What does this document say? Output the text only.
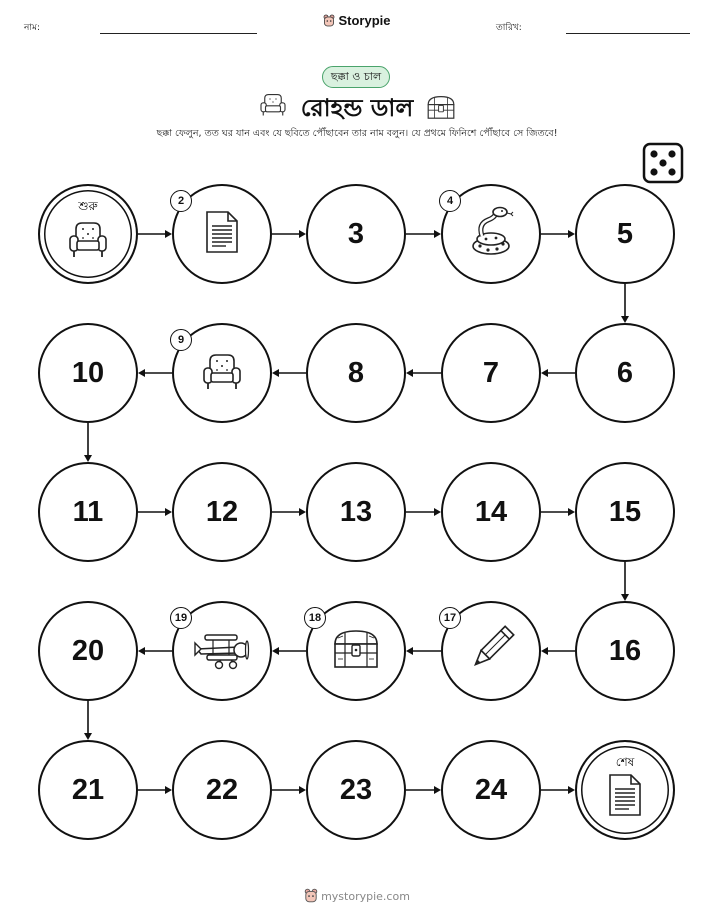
নাম:	Storypie	তারিখ:
ছক্কা ও চাল
রোহন্ড ডাল
ছক্কা ফেলুন, তত ঘর যান এবং যে ছবিতে পৌঁছাবেন তার নাম বলুন। যে প্রথমে ফিনিশে পৌঁছাবে সে জিতবে!
শুরু	2
3
4
5
6
7
8
9
10
11	12	13	14	15
16
17
18
19
20
21	22	23	24
শেষ
mystorypie.com
